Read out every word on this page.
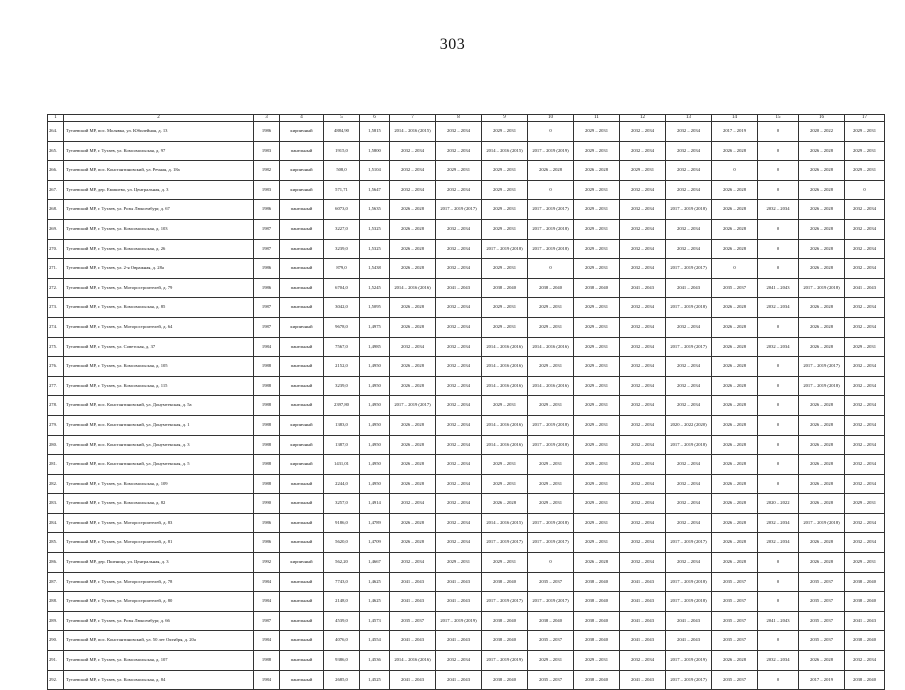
303
1	2	3	4	5	6	7	8	9	10	11	12	13	14	15	16	17
264.	Тутаевский МР, пос. Молявка, ул. Юбилейная, д. 13	1986	кирпичный	4884,90	1,5815	2014 – 2016 (2015)	2032 – 2034	2029 – 2031	0	2029 – 2031	2032 – 2034	2032 – 2034	2017 – 2019	0	2020 – 2022	2029 – 2031
265.	Тутаевский МР, г. Тутаев, ул. Комсомольская, д. 97	1983	панельный	1915,0	1,5800	2032 – 2034	2032 – 2034	2014 – 2016 (2015)	2017 – 2019 (2019)	2029 – 2031	2032 – 2034	2032 – 2034	2026 – 2028	0	2026 – 2028	2029 – 2031
266.	Тутаевский МР, пос. Константиновский, ул. Речная, д. 18а	1982	кирпичный	508,0	1,5104	2032 – 2034	2029 – 2031	2029 – 2031	2026 – 2028	2026 – 2028	2029 – 2031	2032 – 2034	0	0	2026 – 2028	2029 – 2031
267.	Тутаевский МР, дер. Емишево, ул. Центральная, д. 3	1983	кирпичный	571,71	1,5647	2032 – 2034	2032 – 2034	2029 – 2031	0	2029 – 2031	2032 – 2034	2032 – 2034	2026 – 2028	0	2026 – 2028	0
268.	Тутаевский МР, г. Тутаев, ул. Розы Люксембург, д. 67	1986	панельный	6073,0	1,5635	2026 – 2028	2017 – 2019 (2017)	2029 – 2031	2017 – 2019 (2017)	2029 – 2031	2032 – 2034	2017 – 2019 (2018)	2026 – 2028	2032 – 2034	2026 – 2028	2032 – 2034
269.	Тутаевский МР, г. Тутаев, ул. Комсомольская, д. 103	1987	панельный	3227,0	1,5325	2026 – 2028	2032 – 2034	2029 – 2031	2017 – 2019 (2018)	2029 – 2031	2032 – 2034	2032 – 2034	2026 – 2028	0	2026 – 2028	2032 – 2034
270.	Тутаевский МР, г. Тутаев, ул. Комсомольская, д. 26	1987	панельный	3239,0	1,5325	2026 – 2028	2032 – 2034	2017 – 2019 (2018)	2017 – 2019 (2018)	2029 – 2031	2032 – 2034	2032 – 2034	2026 – 2028	0	2026 – 2028	2032 – 2034
271.	Тутаевский МР, г. Тутаев, ул. 2-я Овражная, д. 28а	1986	панельный	879,0	1,5438	2026 – 2028	2032 – 2034	2029 – 2031	0	2029 – 2031	2032 – 2034	2017 – 2019 (2017)	0	0	2026 – 2028	2032 – 2034
272.	Тутаевский МР, г. Тутаев, ул. Моторостроителей, д. 79	1986	панельный	6704,0	1,5245	2014 – 2016 (2016)	2041 – 2043	2038 – 2040	2038 – 2040	2038 – 2040	2041 – 2043	2041 – 2043	2035 – 2037	2041 – 2043	2017 – 2019 (2018)	2041 – 2043
273.	Тутаевский МР, г. Тутаев, ул. Комсомольская, д. 85	1987	панельный	3042,0	1,5095	2026 – 2028	2032 – 2034	2029 – 2031	2029 – 2031	2029 – 2031	2032 – 2034	2017 – 2019 (2018)	2026 – 2028	2032 – 2034	2026 – 2028	2032 – 2034
274.	Тутаевский МР, г. Тутаев, ул. Моторостроителей, д. 64	1987	кирпичный	9678,0	1,4975	2026 – 2028	2032 – 2034	2029 – 2031	2029 – 2031	2029 – 2031	2032 – 2034	2032 – 2034	2026 – 2028	0	2026 – 2028	2032 – 2034
275.	Тутаевский МР, г. Тутаев, ул. Советская, д. 37	1984	панельный	7567,0	1,4985	2032 – 2034	2032 – 2034	2014 – 2016 (2016)	2014 – 2016 (2016)	2029 – 2031	2032 – 2034	2017 – 2019 (2017)	2026 – 2028	2032 – 2034	2026 – 2028	2029 – 2031
276.	Тутаевский МР, г. Тутаев, ул. Комсомольская, д. 105	1988	панельный	2152,0	1,4950	2026 – 2028	2032 – 2034	2014 – 2016 (2016)	2029 – 2031	2029 – 2031	2032 – 2034	2032 – 2034	2026 – 2028	0	2017 – 2019 (2017)	2032 – 2034
277.	Тутаевский МР, г. Тутаев, ул. Комсомольская, д. 115	1988	панельный	3239,0	1,4950	2026 – 2028	2032 – 2034	2014 – 2016 (2016)	2014 – 2016 (2016)	2029 – 2031	2032 – 2034	2032 – 2034	2026 – 2028	0	2017 – 2019 (2018)	2032 – 2034
278.	Тутаевский МР, пос. Константиновский, ул. Донумтекская, д. 5а	1988	панельный	2397,80	1,4950	2017 – 2019 (2017)	2032 – 2034	2029 – 2031	2029 – 2031	2029 – 2031	2032 – 2034	2032 – 2034	2026 – 2028	0	2026 – 2028	2032 – 2034
279.	Тутаевский МР, пос. Константиновский, ул. Донумтекская, д. 1	1988	кирпичный	1383,0	1,4950	2026 – 2028	2032 – 2034	2014 – 2016 (2016)	2017 – 2019 (2018)	2029 – 2031	2032 – 2034	2020 – 2022 (2020)	2026 – 2028	0	2026 – 2028	2032 – 2034
280.	Тутаевский МР, пос. Константиновский, ул. Донумтекская, д. 3	1988	кирпичный	1387,0	1,4950	2026 – 2028	2032 – 2034	2014 – 2016 (2016)	2017 – 2019 (2018)	2029 – 2031	2032 – 2034	2017 – 2019 (2018)	2026 – 2028	0	2026 – 2028	2032 – 2034
281.	Тутаевский МР, пос. Константиновский, ул. Донумтекская, д. 5	1988	кирпичный	1431,01	1,4950	2026 – 2028	2032 – 2034	2029 – 2031	2029 – 2031	2029 – 2031	2032 – 2034	2032 – 2034	2026 – 2028	0	2026 – 2028	2032 – 2034
282.	Тутаевский МР, г. Тутаев, ул. Комсомольская, д. 109	1988	панельный	2244,0	1,4950	2026 – 2028	2032 – 2034	2029 – 2031	2029 – 2031	2029 – 2031	2032 – 2034	2032 – 2034	2026 – 2028	0	2026 – 2028	2032 – 2034
283.	Тутаевский МР, г. Тутаев, ул. Комсомольская, д. 82	1990	панельный	3257,0	1,4914	2032 – 2034	2032 – 2034	2026 – 2028	2029 – 2031	2029 – 2031	2032 – 2034	2032 – 2034	2026 – 2028	2020 – 2022	2026 – 2028	2029 – 2031
284.	Тутаевский МР, г. Тутаев, ул. Моторостроителей, д. 83	1986	панельный	9186,0	1,4789	2026 – 2028	2032 – 2034	2014 – 2016 (2015)	2017 – 2019 (2018)	2029 – 2031	2032 – 2034	2032 – 2034	2026 – 2028	2032 – 2034	2017 – 2019 (2018)	2032 – 2034
285.	Тутаевский МР, г. Тутаев, ул. Моторостроителей, д. 81	1986	панельный	5620,0	1,4709	2026 – 2028	2032 – 2034	2017 – 2019 (2017)	2017 – 2019 (2017)	2029 – 2031	2032 – 2034	2017 – 2019 (2017)	2026 – 2028	2032 – 2034	2026 – 2028	2032 – 2034
286.	Тутаевский МР, дер. Пшеница, ул. Центральная, д. 3	1992	кирпичный	562,20	1,4667	2032 – 2034	2029 – 2031	2029 – 2031	0	2026 – 2028	2032 – 2034	2032 – 2034	2026 – 2028	0	2026 – 2028	2029 – 2031
287.	Тутаевский МР, г. Тутаев, ул. Моторостроителей, д. 78	1984	панельный	7743,0	1,4625	2041 – 2043	2041 – 2043	2038 – 2040	2035 – 2037	2038 – 2040	2041 – 2043	2017 – 2019 (2018)	2035 – 2037	0	2035 – 2037	2038 – 2040
288.	Тутаевский МР, г. Тутаев, ул. Моторостроителей, д. 80	1984	панельный	2148,0	1,4625	2041 – 2043	2041 – 2043	2017 – 2019 (2017)	2017 – 2019 (2017)	2038 – 2040	2041 – 2043	2017 – 2019 (2018)	2035 – 2037	0	2035 – 2037	2038 – 2040
289.	Тутаевский МР, г. Тутаев, ул. Розы Люксембург, д. 66	1987	панельный	4539,0	1,4573	2035 – 2037	2017 – 2019 (2019)	2038 – 2040	2038 – 2040	2038 – 2040	2041 – 2043	2041 – 2043	2035 – 2037	2041 – 2043	2035 – 2037	2041 – 2043
290.	Тутаевский МР, пос. Константиновский, ул. 50 лет Октября, д. 20а	1984	панельный	4076,0	1,4554	2041 – 2043	2041 – 2043	2038 – 2040	2035 – 2037	2038 – 2040	2041 – 2043	2041 – 2043	2035 – 2037	0	2035 – 2037	2038 – 2040
291.	Тутаевский МР, г. Тутаев, ул. Комсомольская, д. 107	1988	панельный	9386,0	1,4536	2014 – 2016 (2016)	2032 – 2034	2017 – 2019 (2019)	2029 – 2031	2029 – 2031	2032 – 2034	2017 – 2019 (2019)	2026 – 2028	2032 – 2034	2026 – 2028	2032 – 2034
292.	Тутаевский МР, г. Тутаев, ул. Комсомольская, д. 84	1984	панельный	2685,0	1,4525	2041 – 2043	2041 – 2043	2038 – 2040	2035 – 2037	2038 – 2040	2041 – 2043	2017 – 2019 (2017)	2035 – 2037	0	2017 – 2019	2038 – 2040
